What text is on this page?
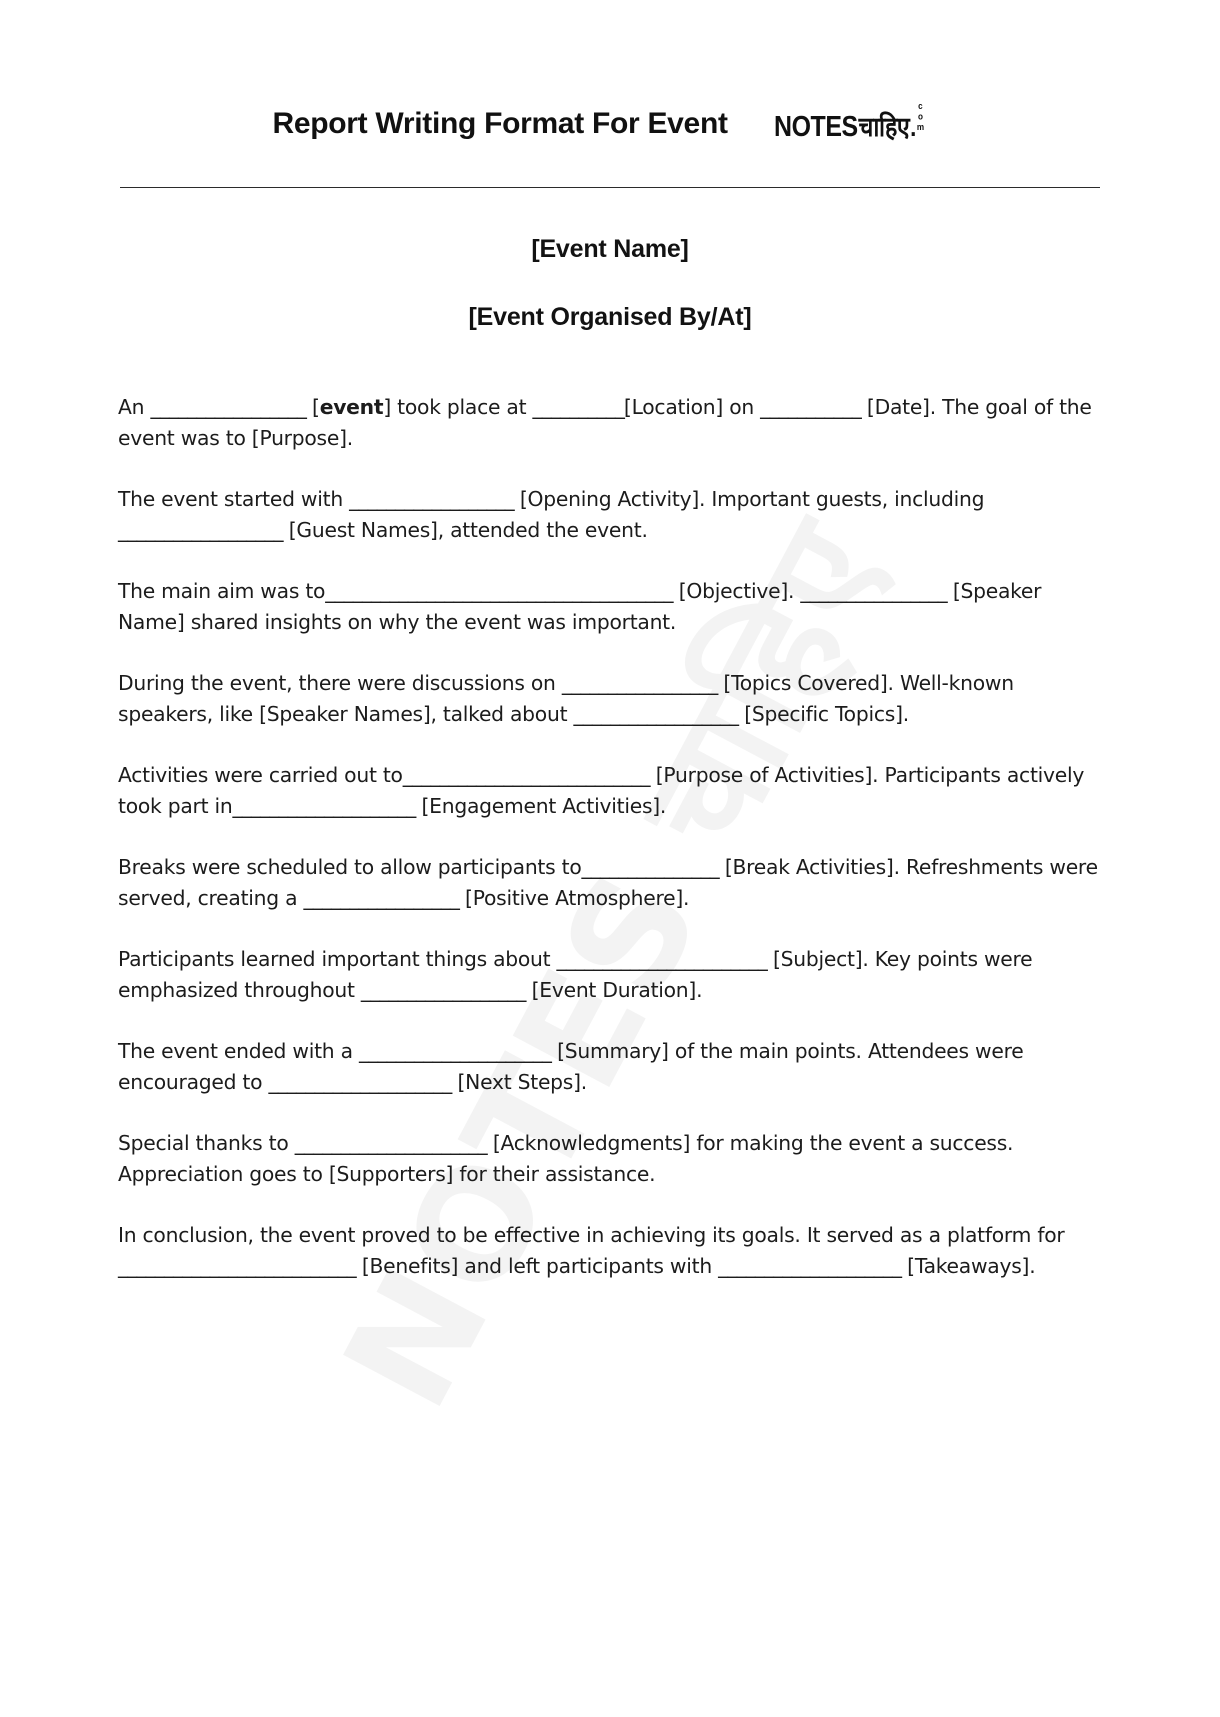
Report Writing Format For Event NOTES चाहिए . com
[Event Name]
[Event Organised By/At]
An _________________ [event] took place at __________[Location] on ___________ [Date]. The goal of the event was to [Purpose].
The event started with __________________ [Opening Activity]. Important guests, including __________________ [Guest Names], attended the event.
The main aim was to______________________________________ [Objective]. ________________ [Speaker Name] shared insights on why the event was important.
During the event, there were discussions on _________________ [Topics Covered]. Well-known speakers, like [Speaker Names], talked about __________________ [Specific Topics].
Activities were carried out to___________________________ [Purpose of Activities]. Participants actively took part in____________________ [Engagement Activities].
Breaks were scheduled to allow participants to_______________ [Break Activities]. Refreshments were served, creating a _________________ [Positive Atmosphere].
Participants learned important things about _______________________ [Subject]. Key points were emphasized throughout __________________ [Event Duration].
The event ended with a _____________________ [Summary] of the main points. Attendees were encouraged to ____________________ [Next Steps].
Special thanks to _____________________ [Acknowledgments] for making the event a success. Appreciation goes to [Supporters] for their assistance.
In conclusion, the event proved to be effective in achieving its goals. It served as a platform for __________________________ [Benefits] and left participants with ____________________ [Takeaways].
